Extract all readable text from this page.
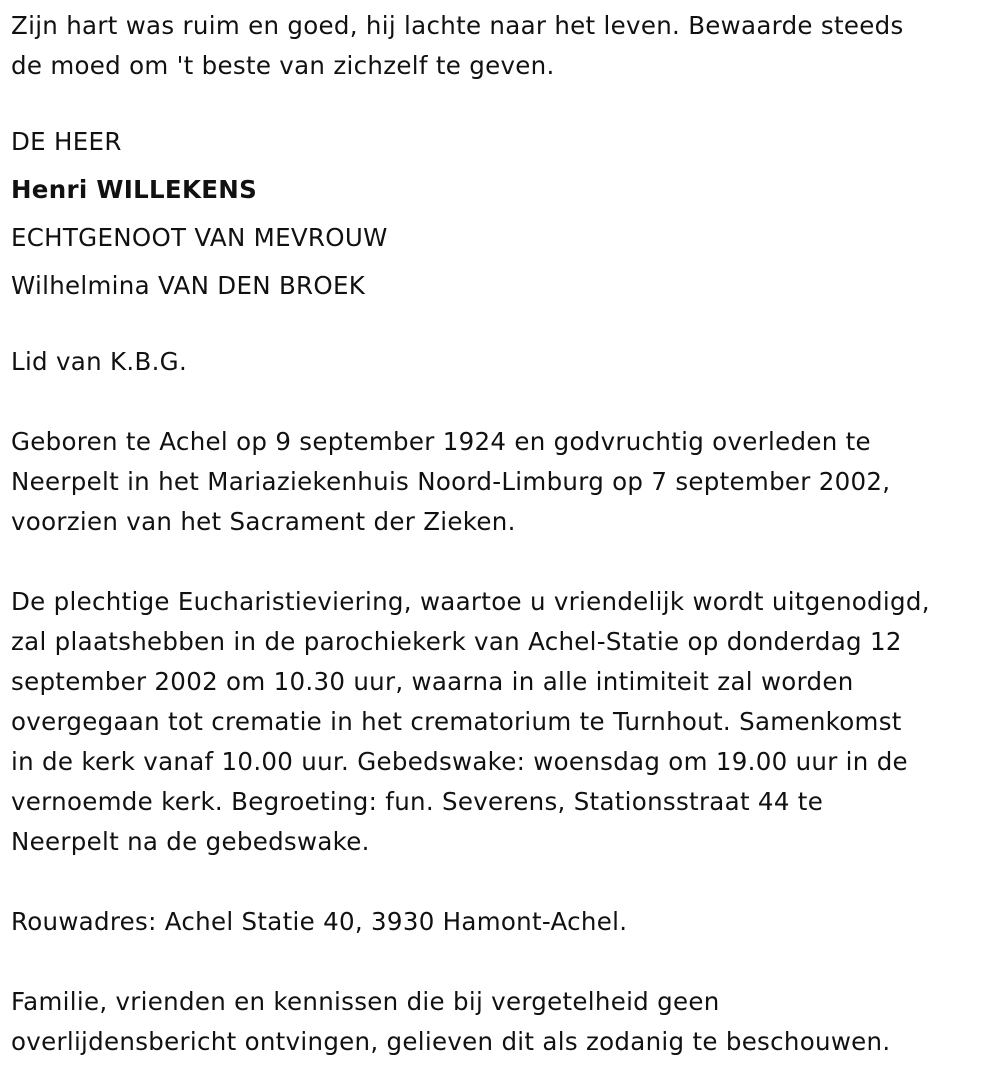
Zijn hart was ruim en goed, hij lachte naar het leven. Bewaarde steeds

de moed om 't beste van zichzelf te geven.

DE HEER

Henri WILLEKENS

ECHTGENOOT VAN MEVROUW

Wilhelmina VAN DEN BROEK

Lid van K.B.G.

Geboren te Achel op 9 september 1924 en godvruchtig overleden te

Neerpelt in het Mariaziekenhuis Noord-Limburg op 7 september 2002,

voorzien van het Sacrament der Zieken.

De plechtige Eucharistieviering, waartoe u vriendelijk wordt uitgenodigd,

zal plaatshebben in de parochiekerk van Achel-Statie op donderdag 12

september 2002 om 10.30 uur, waarna in alle intimiteit zal worden

overgegaan tot crematie in het crematorium te Turnhout. Samenkomst

in de kerk vanaf 10.00 uur. Gebedswake: woensdag om 19.00 uur in de

vernoemde kerk. Begroeting: fun. Severens, Stationsstraat 44 te

Neerpelt na de gebedswake.

Rouwadres: Achel Statie 40, 3930 Hamont-Achel.

Familie, vrienden en kennissen die bij vergetelheid geen

overlijdensbericht ontvingen, gelieven dit als zodanig te beschouwen.
